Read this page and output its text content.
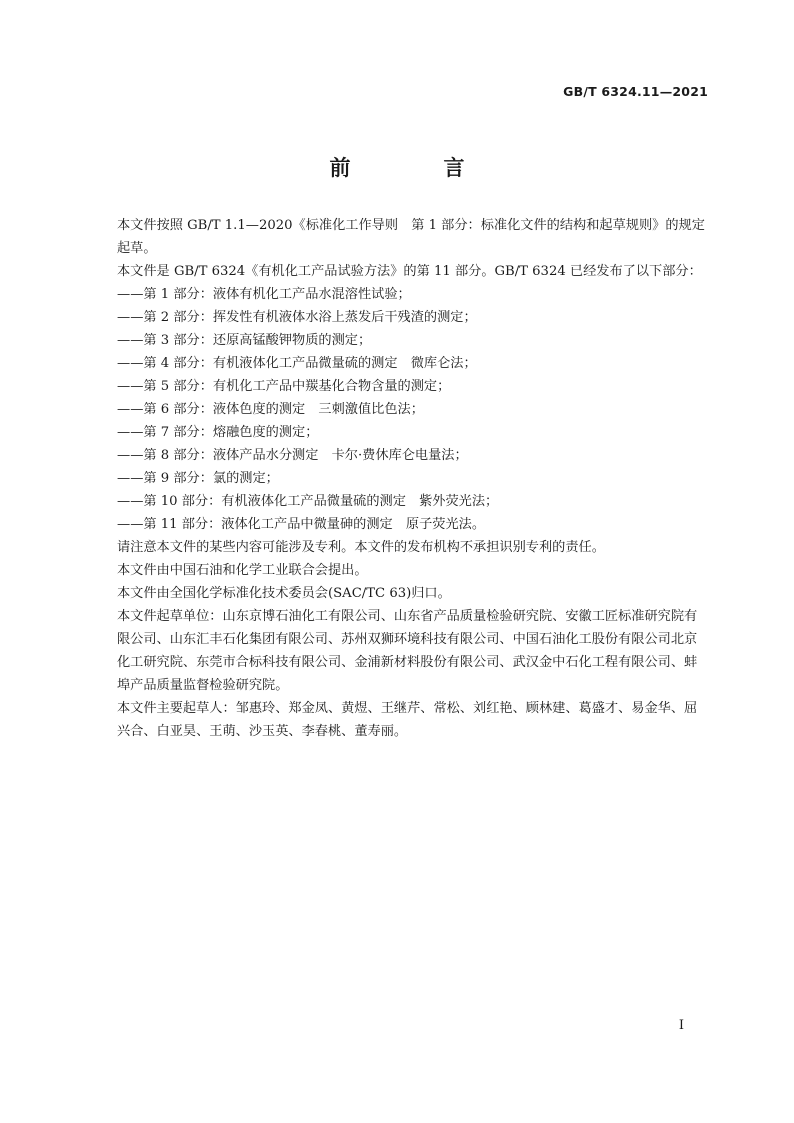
GB/T 6324.11—2021
前　言

本文件按照 GB/T 1.1—2020《标准化工作导则　第 1 部分：标准化文件的结构和起草规则》的规定起草。

本文件是 GB/T 6324《有机化工产品试验方法》的第 11 部分。GB/T 6324 已经发布了以下部分：

——第 1 部分：液体有机化工产品水混溶性试验；

——第 2 部分：挥发性有机液体水浴上蒸发后干残渣的测定；

——第 3 部分：还原高锰酸钾物质的测定；

——第 4 部分：有机液体化工产品微量硫的测定　微库仑法；

——第 5 部分：有机化工产品中羰基化合物含量的测定；

——第 6 部分：液体色度的测定　三刺激值比色法；

——第 7 部分：熔融色度的测定；

——第 8 部分：液体产品水分测定　卡尔·费休库仑电量法；

——第 9 部分：氯的测定；

——第 10 部分：有机液体化工产品微量硫的测定　紫外荧光法；

——第 11 部分：液体化工产品中微量砷的测定　原子荧光法。

请注意本文件的某些内容可能涉及专利。本文件的发布机构不承担识别专利的责任。

本文件由中国石油和化学工业联合会提出。

本文件由全国化学标准化技术委员会(SAC/TC 63)归口。

本文件起草单位：山东京博石油化工有限公司、山东省产品质量检验研究院、安徽工匠标准研究院有限公司、山东汇丰石化集团有限公司、苏州双狮环境科技有限公司、中国石油化工股份有限公司北京化工研究院、东莞市合标科技有限公司、金浦新材料股份有限公司、武汉金中石化工程有限公司、蚌埠产品质量监督检验研究院。

本文件主要起草人：邹惠玲、郑金凤、黄煜、王继芹、常松、刘红艳、顾林建、葛盛才、易金华、屈兴合、白亚昊、王萌、沙玉英、李春桃、董寿丽。

I
